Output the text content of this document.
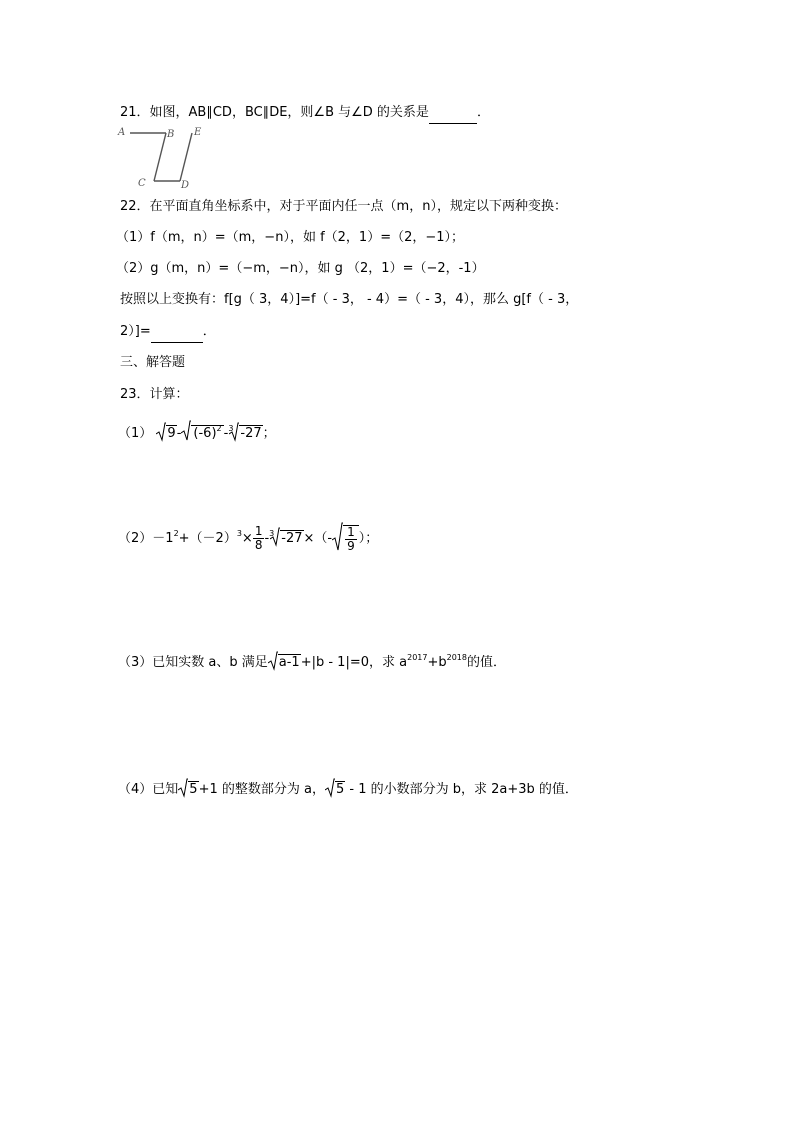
21．如图，AB∥CD，BC∥DE，则∠B 与∠D 的关系是	．
A	B E
C	D
22．在平面直角坐标系中，对于平面内任一点（m，n），规定以下两种变换：
（1）f（m，n）=（m，−n），如 f（2，1）=（2，−1）；
（2）g（m，n）=（−m，−n），如 g （2，1）=（−2，‑1）
按照以上变换有：f[g（ 3，4）]=f（ - 3， - 4）=（ - 3，4），那么 g[f（ - 3，
2）]=	．
三、解答题
23．计算：
（1） 9- $(-6)^2$ -$^3$ -27；
$(2)-1^2+(-2)^3\times \frac{1}{8} -^3$ $-27\times(- \frac{1}{9}$ ）；
（3）已知实数 a、b 满足 a-1+|b - 1|=0，求 $a^{2017}+b^{2018}$的值．
（4）已知 5+1 的整数部分为 a， 5 - 1 的小数部分为 b，求 2a+3b 的值．
